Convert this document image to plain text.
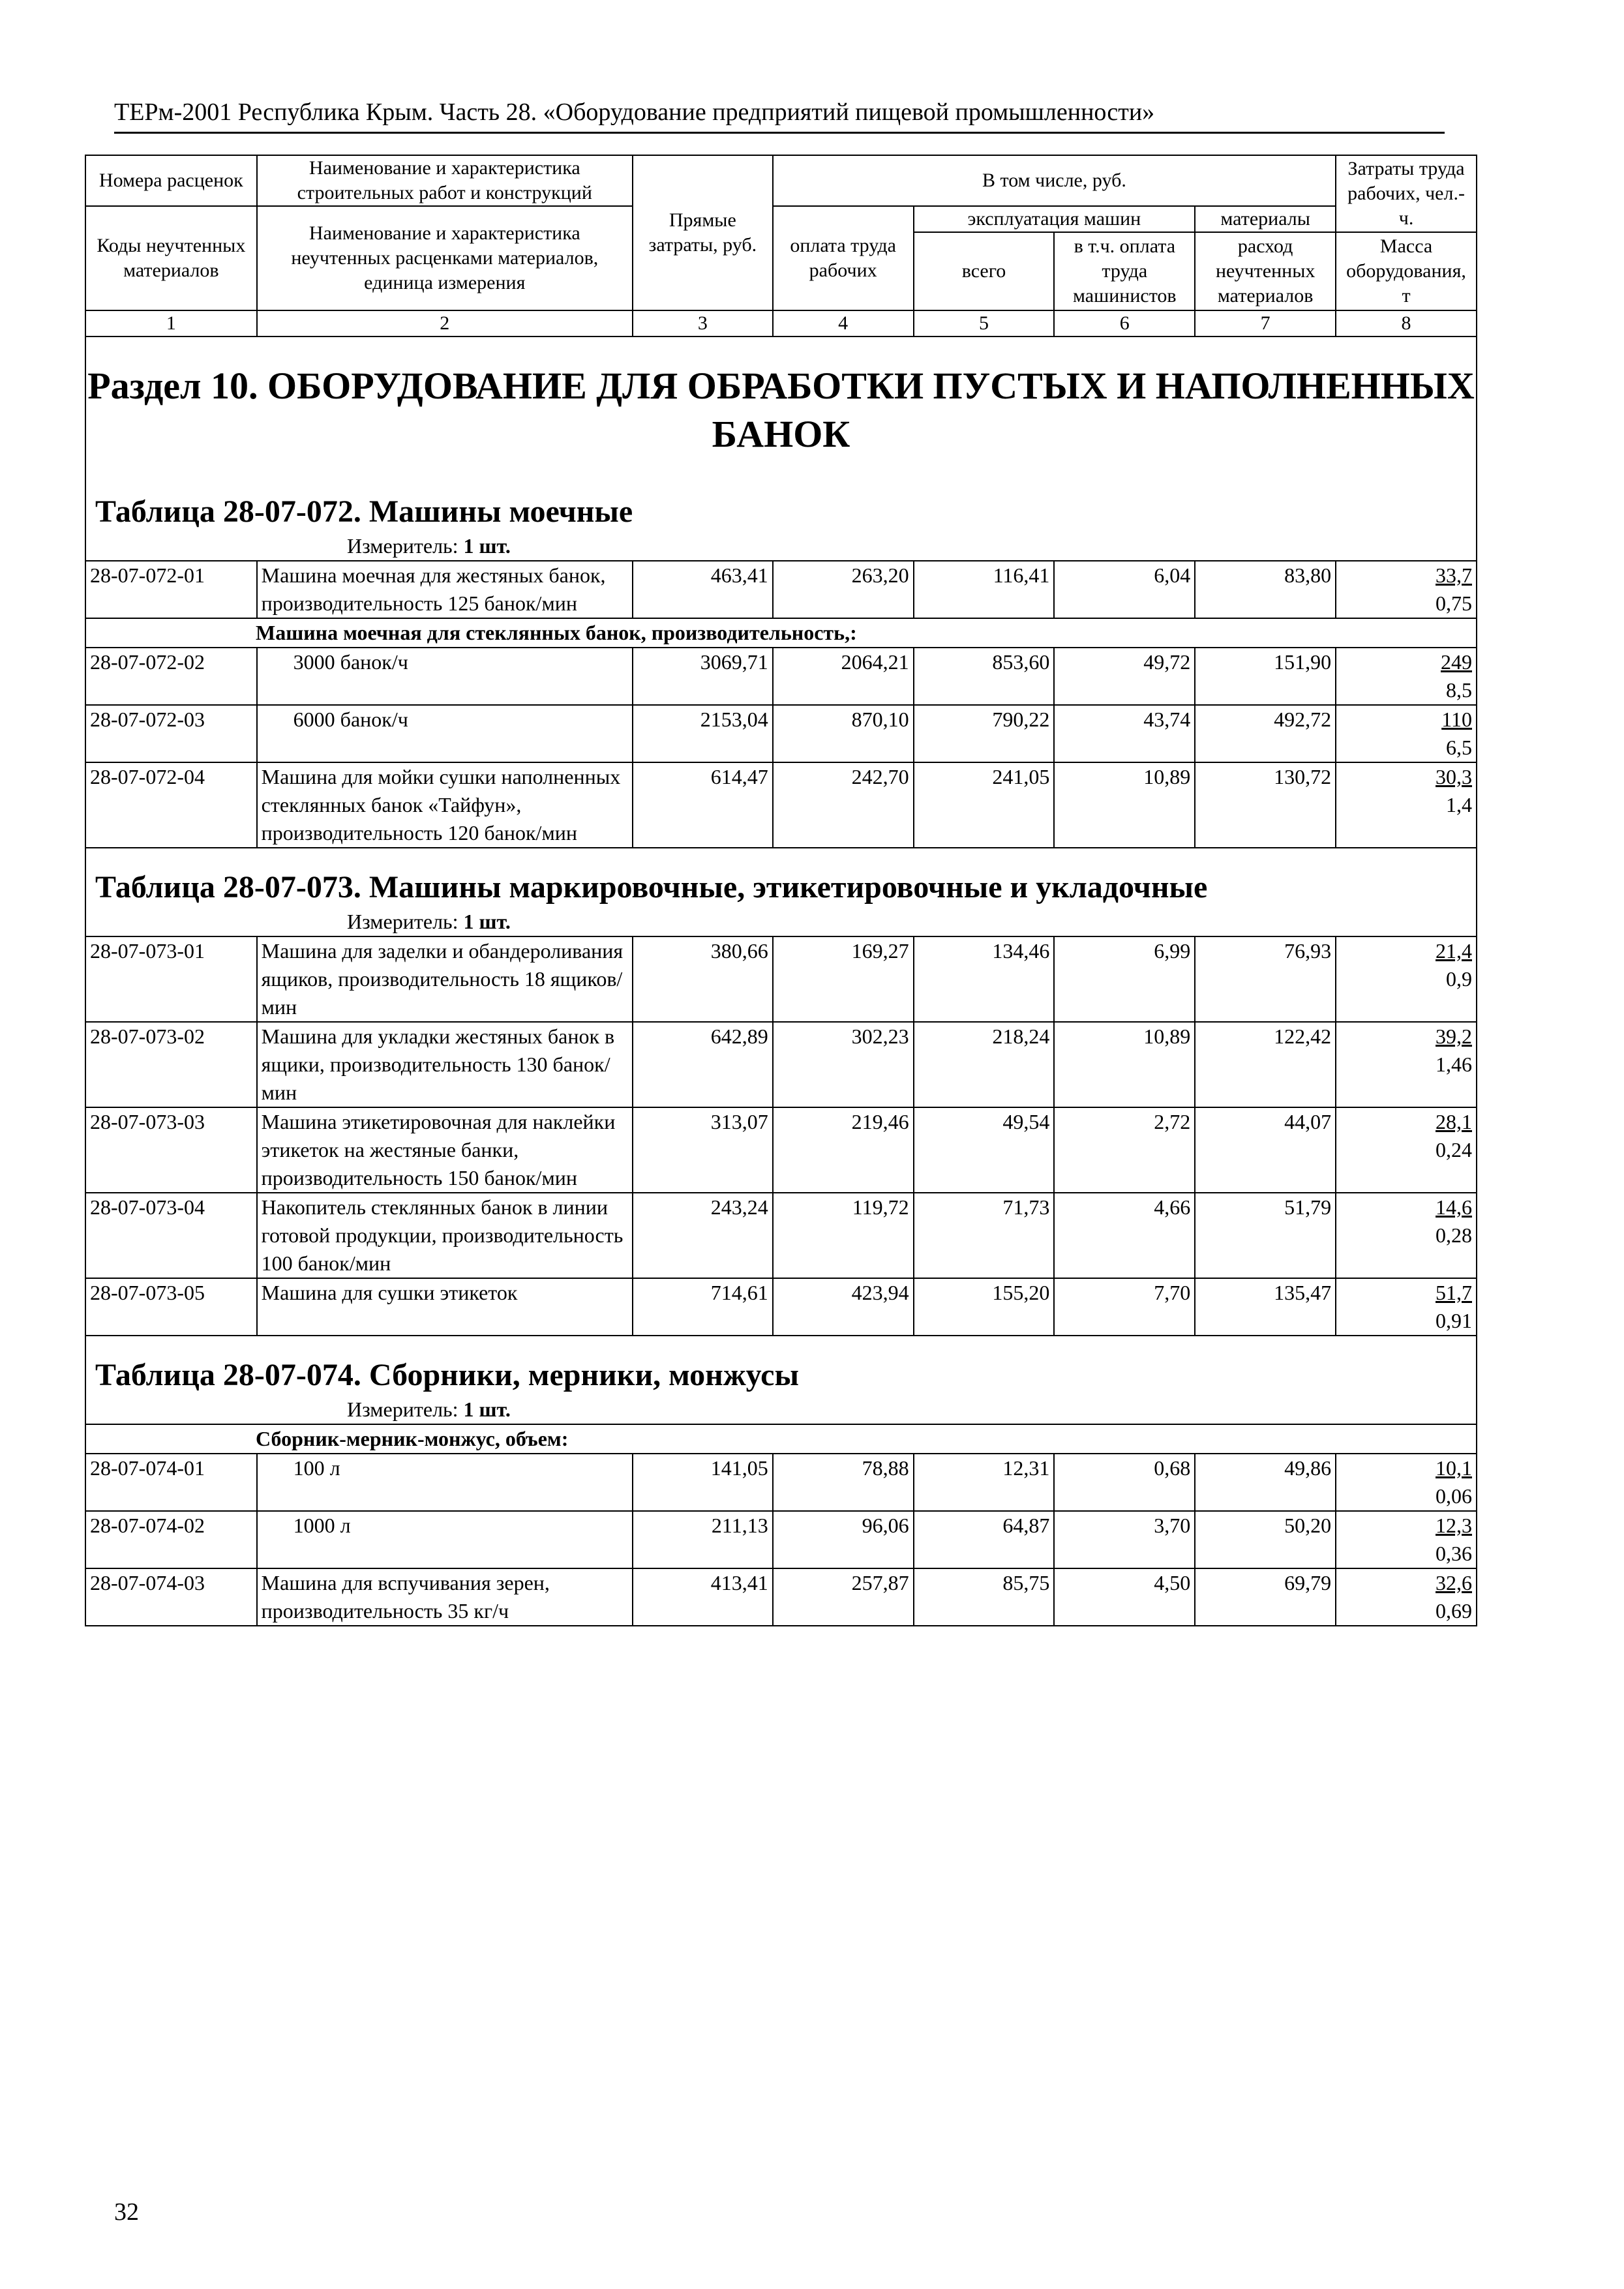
ТЕРм-2001 Республика Крым. Часть 28. «Оборудование предприятий пищевой промышленности»
Номера расценок	Наименование и характеристика строительных работ и конструкций	Прямые затраты, руб.	В том числе, руб.				Затраты труда рабочих, чел.-ч.
Коды неучтенных материалов	Наименование и характеристика неучтенных расценками материалов, единица измерения		оплата труда рабочих	эксплуатация машин		материалы	
				всего	в т.ч. оплата труда машинистов	расход неучтенных материалов	Масса оборудования, т
1	2	3	4	5	6	7	8

Раздел 10. ОБОРУДОВАНИЕ ДЛЯ ОБРАБОТКИ ПУСТЫХ И НАПОЛНЕННЫХ БАНОК
Таблица 28-07-072. Машины моечные
Измеритель: 1 шт.							

28-07-072-01	Машина моечная для жестяных банок, производительность 125 банок/мин	463,41	263,20	116,41	6,04	83,80	33,7
0,75
Машина моечная для стеклянных банок, производительность,:							
28-07-072-02	3000 банок/ч	3069,71	2064,21	853,60	49,72	151,90	249
8,5
28-07-072-03	6000 банок/ч	2153,04	870,10	790,22	43,74	492,72	110
6,5
28-07-072-04	Машина для мойки сушки наполненных стеклянных банок «Тайфун», производительность 120 банок/мин	614,47	242,70	241,05	10,89	130,72	30,3
1,4

Таблица 28-07-073. Машины маркировочные, этикетировочные и укладочные
Измеритель: 1 шт.							

28-07-073-01	Машина для заделки и обандероливания ящиков, производительность 18 ящиков/мин	380,66	169,27	134,46	6,99	76,93	21,4
0,9
28-07-073-02	Машина для укладки жестяных банок в ящики, производительность 130 банок/мин	642,89	302,23	218,24	10,89	122,42	39,2
1,46
28-07-073-03	Машина этикетировочная для наклейки этикеток на жестяные банки, производительность 150 банок/мин	313,07	219,46	49,54	2,72	44,07	28,1
0,24
28-07-073-04	Накопитель стеклянных банок в линии готовой продукции, производительность 100 банок/мин	243,24	119,72	71,73	4,66	51,79	14,6
0,28
28-07-073-05	Машина для сушки этикеток	714,61	423,94	155,20	7,70	135,47	51,7
0,91

Таблица 28-07-074. Сборники, мерники, монжусы
Измеритель: 1 шт.							

Сборник-мерник-монжус, объем:							
28-07-074-01	100 л	141,05	78,88	12,31	0,68	49,86	10,1
0,06
28-07-074-02	1000 л	211,13	96,06	64,87	3,70	50,20	12,3
0,36
28-07-074-03	Машина для вспучивания зерен, производительность 35 кг/ч	413,41	257,87	85,75	4,50	69,79	32,6
0,69
32
